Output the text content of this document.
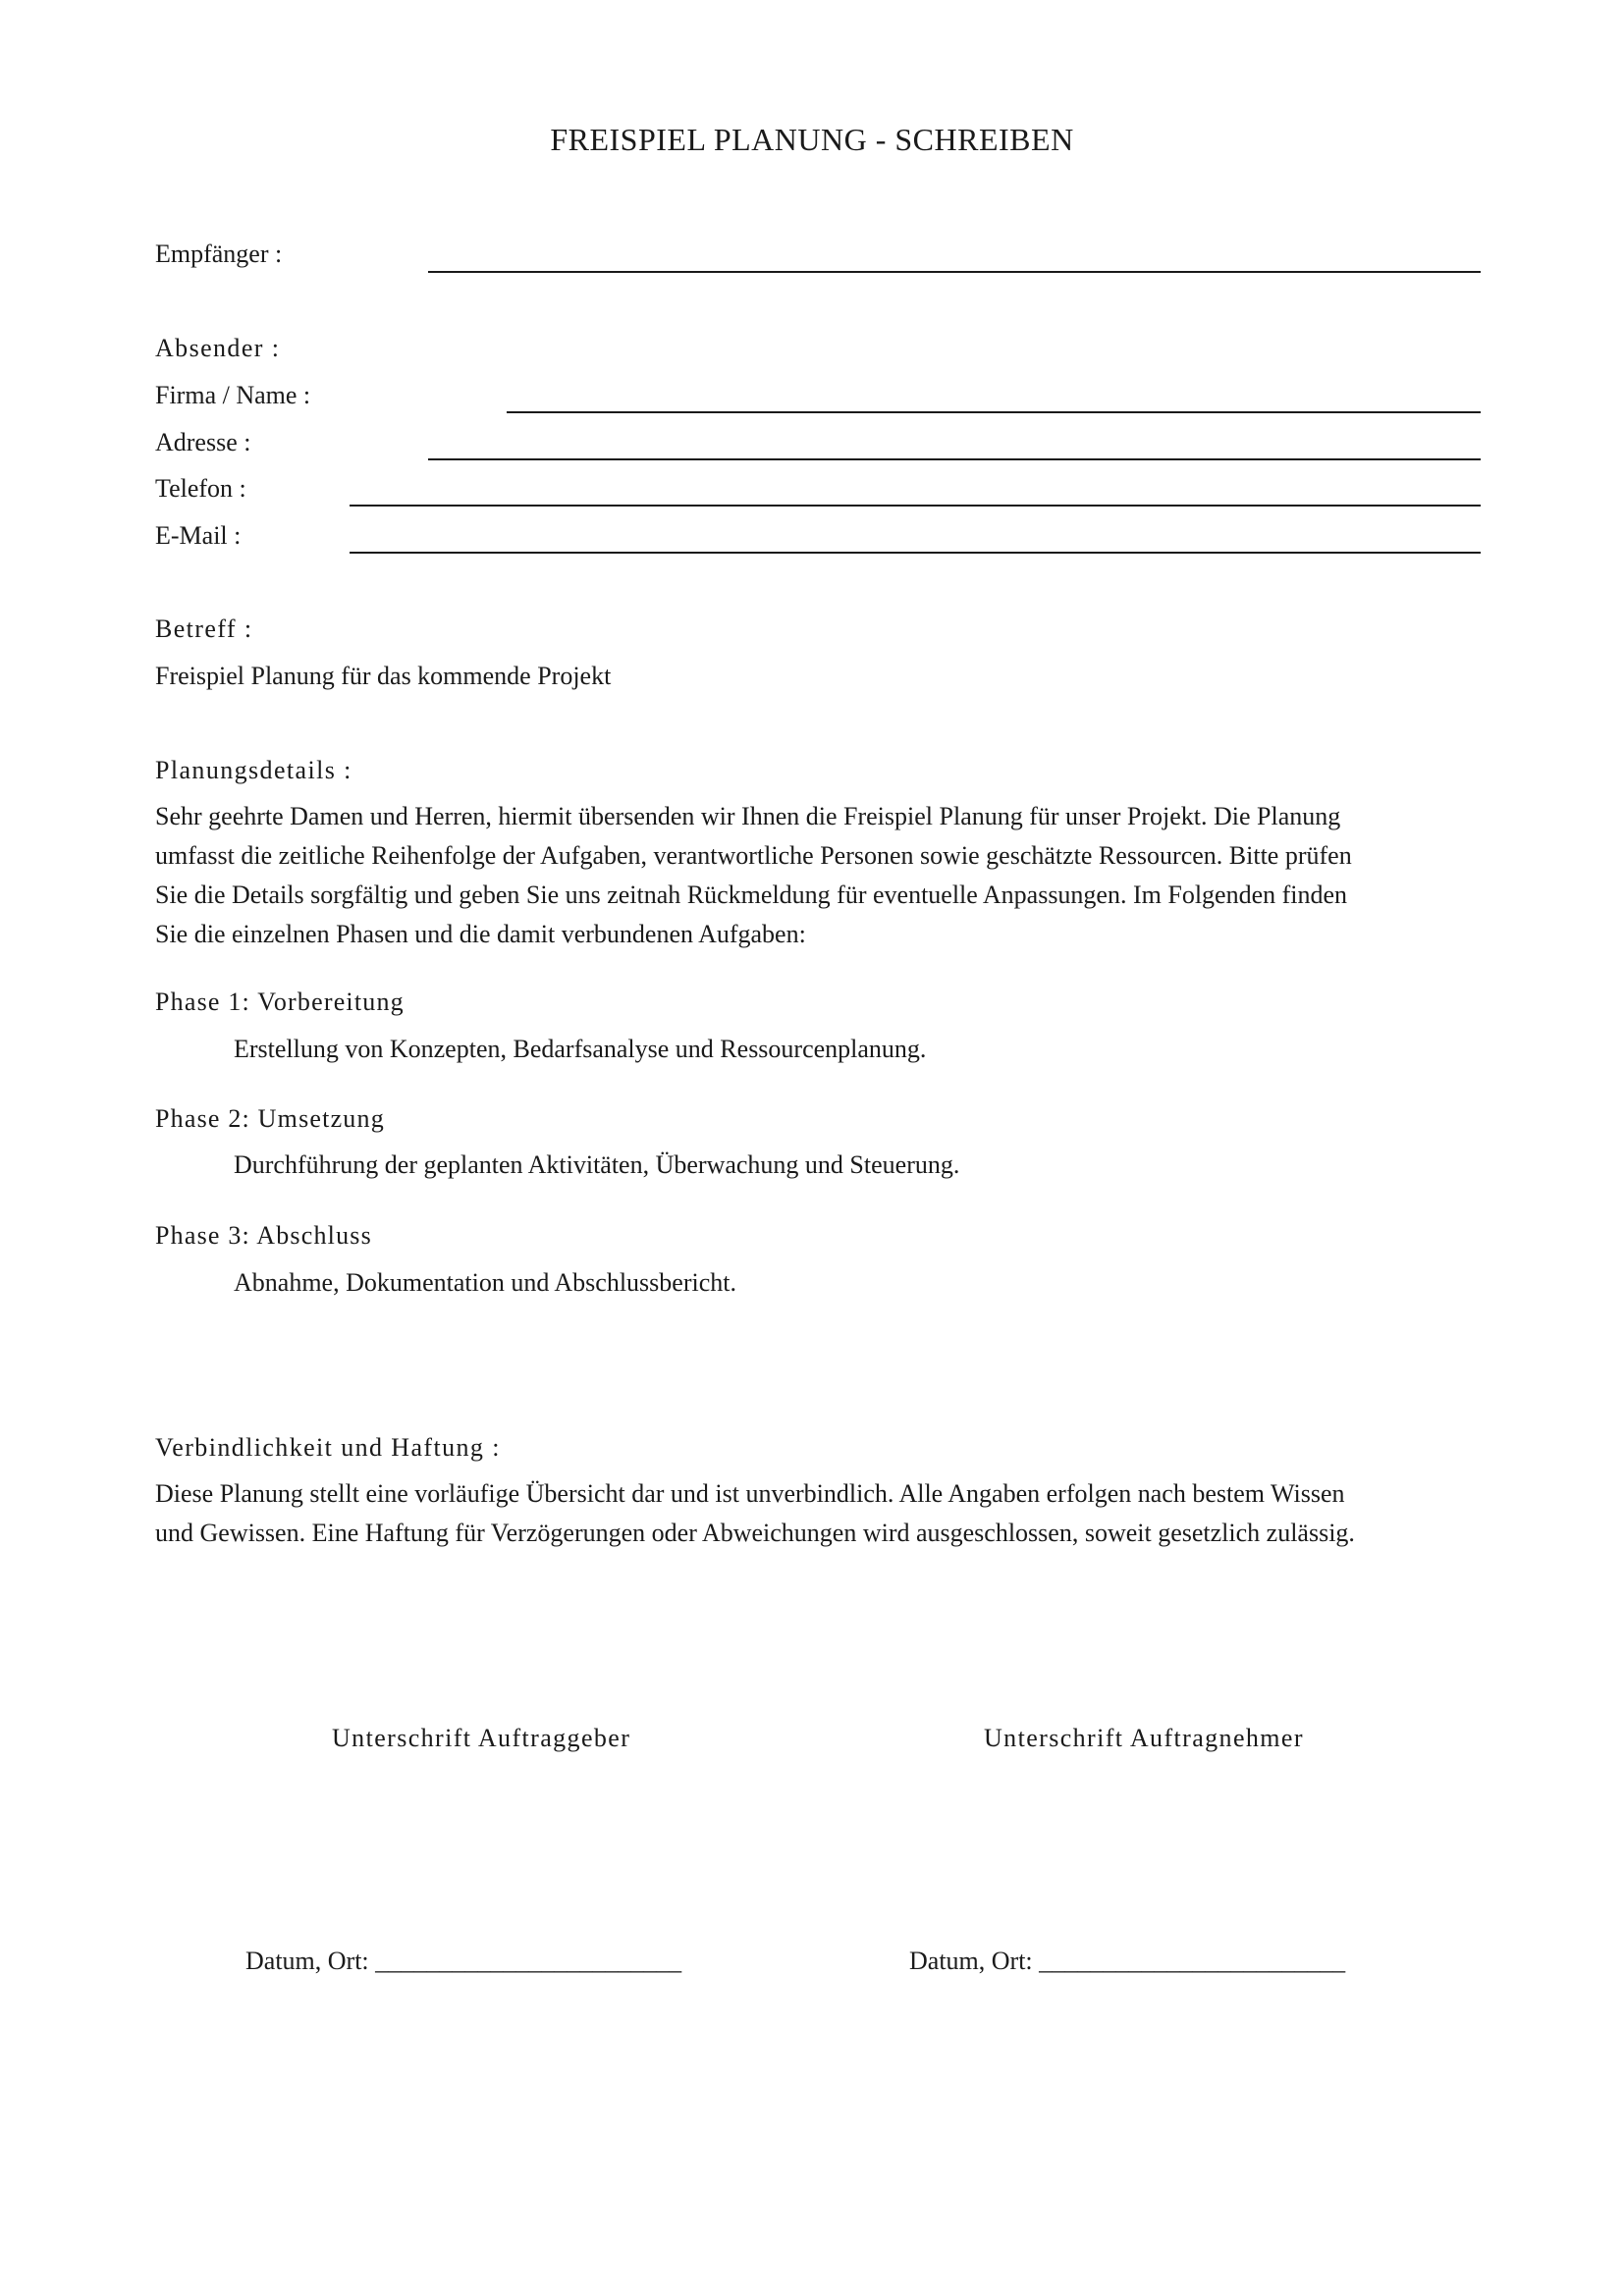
FREISPIEL PLANUNG - SCHREIBEN
Empfänger :
Absender :
Firma / Name :
Adresse :
Telefon :
E-Mail :
Betreff :
Freispiel Planung für das kommende Projekt
Planungsdetails :
Sehr geehrte Damen und Herren, hiermit übersenden wir Ihnen die Freispiel Planung für unser Projekt. Die Planung
umfasst die zeitliche Reihenfolge der Aufgaben, verantwortliche Personen sowie geschätzte Ressourcen. Bitte prüfen
Sie die Details sorgfältig und geben Sie uns zeitnah Rückmeldung für eventuelle Anpassungen. Im Folgenden finden
Sie die einzelnen Phasen und die damit verbundenen Aufgaben:
Phase 1: Vorbereitung
Erstellung von Konzepten, Bedarfsanalyse und Ressourcenplanung.
Phase 2: Umsetzung
Durchführung der geplanten Aktivitäten, Überwachung und Steuerung.
Phase 3: Abschluss
Abnahme, Dokumentation und Abschlussbericht.
Verbindlichkeit und Haftung :
Diese Planung stellt eine vorläufige Übersicht dar und ist unverbindlich. Alle Angaben erfolgen nach bestem Wissen
und Gewissen. Eine Haftung für Verzögerungen oder Abweichungen wird ausgeschlossen, soweit gesetzlich zulässig.
Unterschrift Auftraggeber	Unterschrift Auftragnehmer
Datum, Ort: ________________________	Datum, Ort: ________________________
